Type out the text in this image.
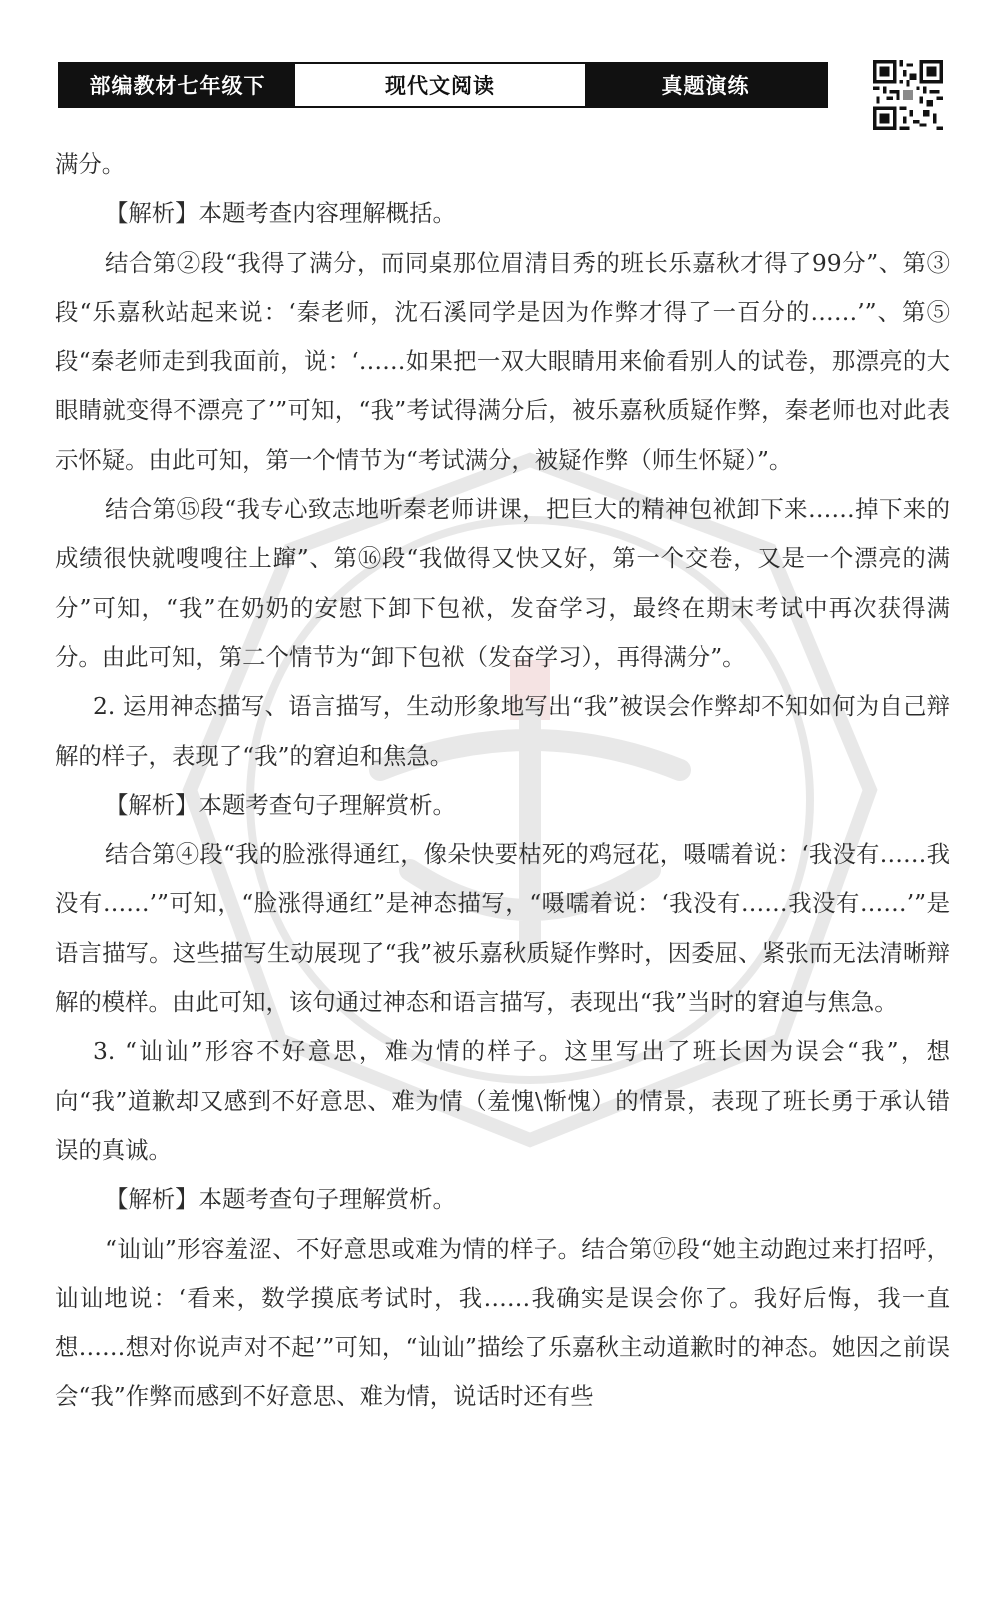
部编教材七年级下	现代文阅读	真题演练

满分。

【解析】本题考查内容理解概括。

结合第②段“我得了满分，而同桌那位眉清目秀的班长乐嘉秋才得了99分”、第③段“乐嘉秋站起来说：‘秦老师，沈石溪同学是因为作弊才得了一百分的……’”、第⑤段“秦老师走到我面前，说：‘……如果把一双大眼睛用来偷看别人的试卷，那漂亮的大眼睛就变得不漂亮了’”可知，“我”考试得满分后，被乐嘉秋质疑作弊，秦老师也对此表示怀疑。由此可知，第一个情节为“考试满分，被疑作弊（师生怀疑）”。

结合第⑮段“我专心致志地听秦老师讲课，把巨大的精神包袱卸下来……掉下来的成绩很快就嗖嗖往上蹿”、第⑯段“我做得又快又好，第一个交卷，又是一个漂亮的满分”可知，“我”在奶奶的安慰下卸下包袱，发奋学习，最终在期末考试中再次获得满分。由此可知，第二个情节为“卸下包袱（发奋学习），再得满分”。

2. 运用神态描写、语言描写，生动形象地写出“我”被误会作弊却不知如何为自己辩解的样子，表现了“我”的窘迫和焦急。

【解析】本题考查句子理解赏析。

结合第④段“我的脸涨得通红，像朵快要枯死的鸡冠花，嗫嚅着说：‘我没有……我没有……’”可知，“脸涨得通红”是神态描写，“嗫嚅着说：‘我没有……我没有……’”是语言描写。这些描写生动展现了“我”被乐嘉秋质疑作弊时，因委屈、紧张而无法清晰辩解的模样。由此可知，该句通过神态和语言描写，表现出“我”当时的窘迫与焦急。

3. “讪讪”形容不好意思，难为情的样子。这里写出了班长因为误会“我”，想向“我”道歉却又感到不好意思、难为情（羞愧\惭愧）的情景，表现了班长勇于承认错误的真诚。

【解析】本题考查句子理解赏析。

“讪讪”形容羞涩、不好意思或难为情的样子。结合第⑰段“她主动跑过来打招呼，讪讪地说：‘看来，数学摸底考试时，我……我确实是误会你了。我好后悔，我一直想……想对你说声对不起’”可知，“讪讪”描绘了乐嘉秋主动道歉时的神态。她因之前误会“我”作弊而感到不好意思、难为情，说话时还有些
